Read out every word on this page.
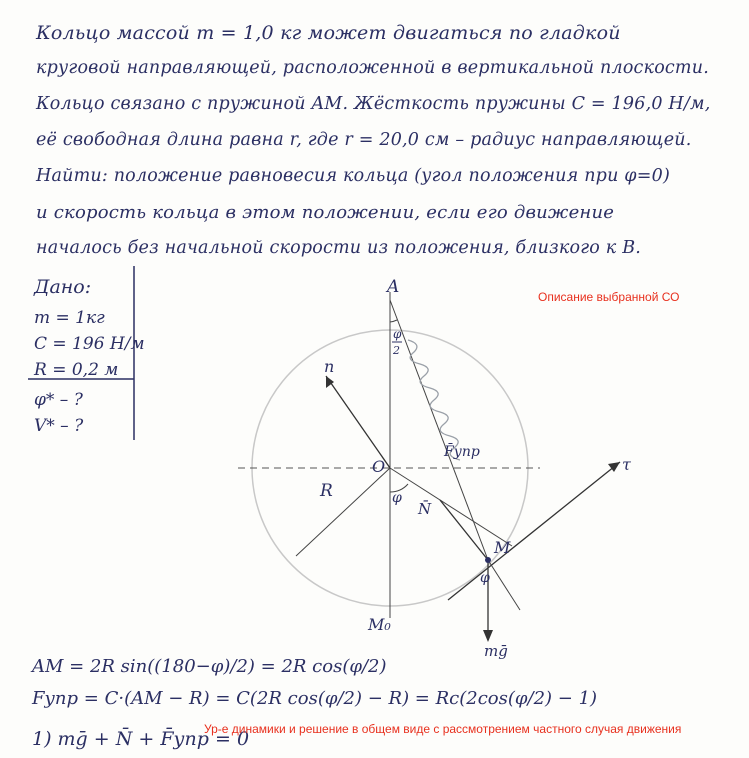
Кольцо массой m = 1,0 кг может двигаться по гладкой
круговой направляющей, расположенной в вертикальной плоскости.
Кольцо связано с пружиной AM. Жёсткость пружины C = 196,0 Н/м,
её свободная длина равна r, где r = 20,0 см – радиус направляющей.
Найти: положение равновесия кольца (угол положения при φ=0)
и скорость кольца в этом положении, если его движение
началось без начальной скорости из положения, близкого к В.
Дано:
m = 1кг
C = 196 Н/м
R = 0,2 м
φ* – ?
V* – ?
Описание выбранной СО
A
O
M
M₀
n
τ
R
N̄
F̄упр
mḡ
φ
φ
φ
2
AM = 2R sin((180−φ)/2) = 2R cos(φ/2)
Fупр = C·(AM − R) = C(2R cos(φ/2) − R) = Rc(2cos(φ/2) − 1)
1) mḡ + N̄ + F̄упр = 0
Ур-е динамики и решение в общем виде с рассмотрением частного случая движения
